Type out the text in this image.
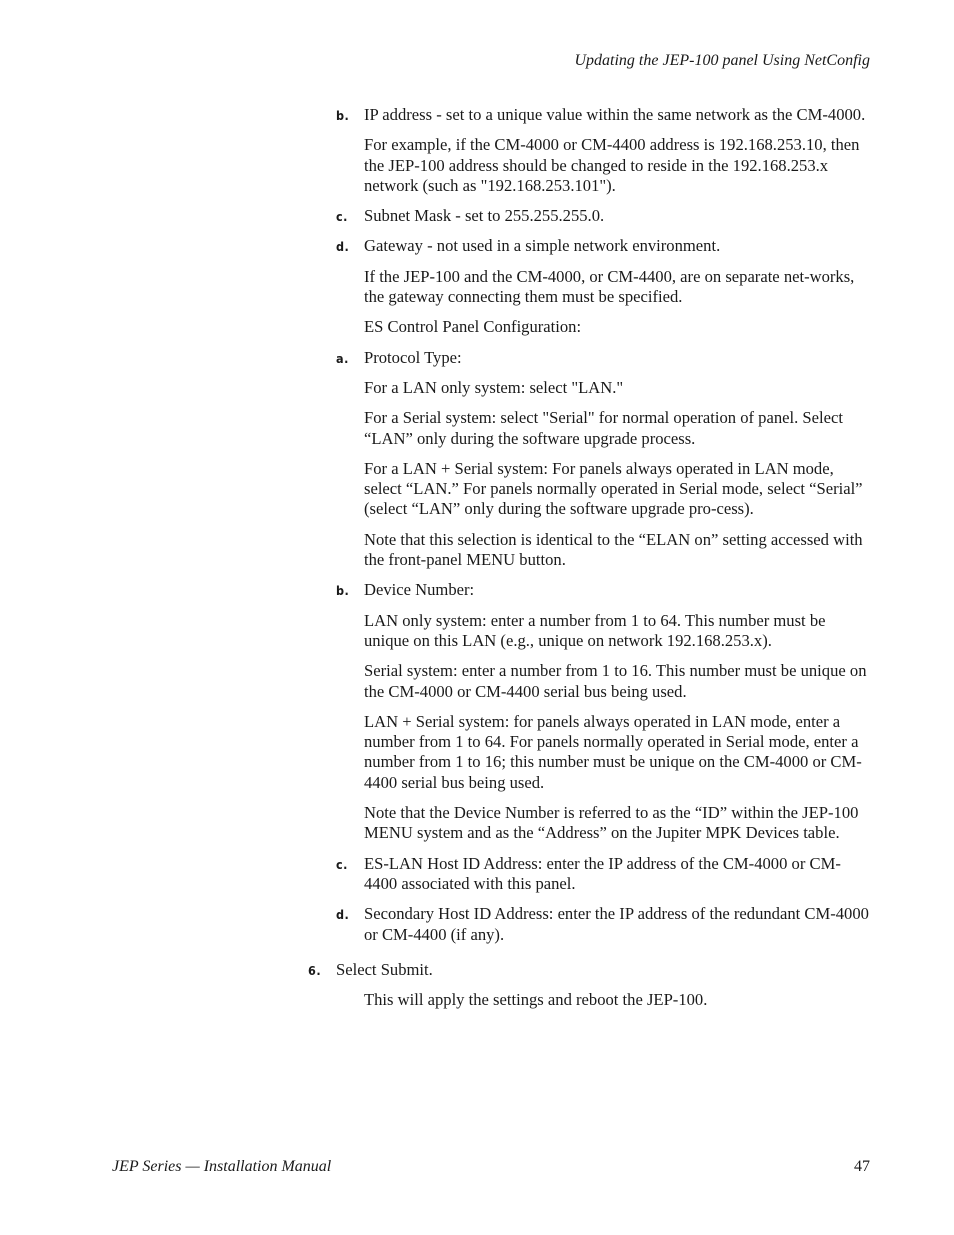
Updating the JEP-100 panel Using NetConfig
b. IP address - set to a unique value within the same network as the CM-4000.

For example, if the CM-4000 or CM-4400 address is 192.168.253.10, then the JEP-100 address should be changed to reside in the 192.168.253.x network (such as "192.168.253.101").

c. Subnet Mask - set to 255.255.255.0.

d. Gateway - not used in a simple network environment.

If the JEP-100 and the CM-4000, or CM-4400, are on separate net-works, the gateway connecting them must be specified.

ES Control Panel Configuration:

a. Protocol Type:

For a LAN only system: select "LAN."

For a Serial system: select "Serial" for normal operation of panel. Select “LAN” only during the software upgrade process.

For a LAN + Serial system: For panels always operated in LAN mode, select “LAN.” For panels normally operated in Serial mode, select “Serial” (select “LAN” only during the software upgrade pro-cess).

Note that this selection is identical to the “ELAN on” setting accessed with the front-panel MENU button.

b. Device Number:

LAN only system: enter a number from 1 to 64. This number must be unique on this LAN (e.g., unique on network 192.168.253.x).

Serial system: enter a number from 1 to 16. This number must be unique on the CM-4000 or CM-4400 serial bus being used.

LAN + Serial system: for panels always operated in LAN mode, enter a number from 1 to 64. For panels normally operated in Serial mode, enter a number from 1 to 16; this number must be unique on the CM-4000 or CM-4400 serial bus being used.

Note that the Device Number is referred to as the “ID” within the JEP-100 MENU system and as the “Address” on the Jupiter MPK Devices table.

c. ES-LAN Host ID Address: enter the IP address of the CM-4000 or CM-4400 associated with this panel.

d. Secondary Host ID Address: enter the IP address of the redundant CM-4000 or CM-4400 (if any).

6. Select Submit.

This will apply the settings and reboot the JEP-100.

JEP Series — Installation Manual	47
